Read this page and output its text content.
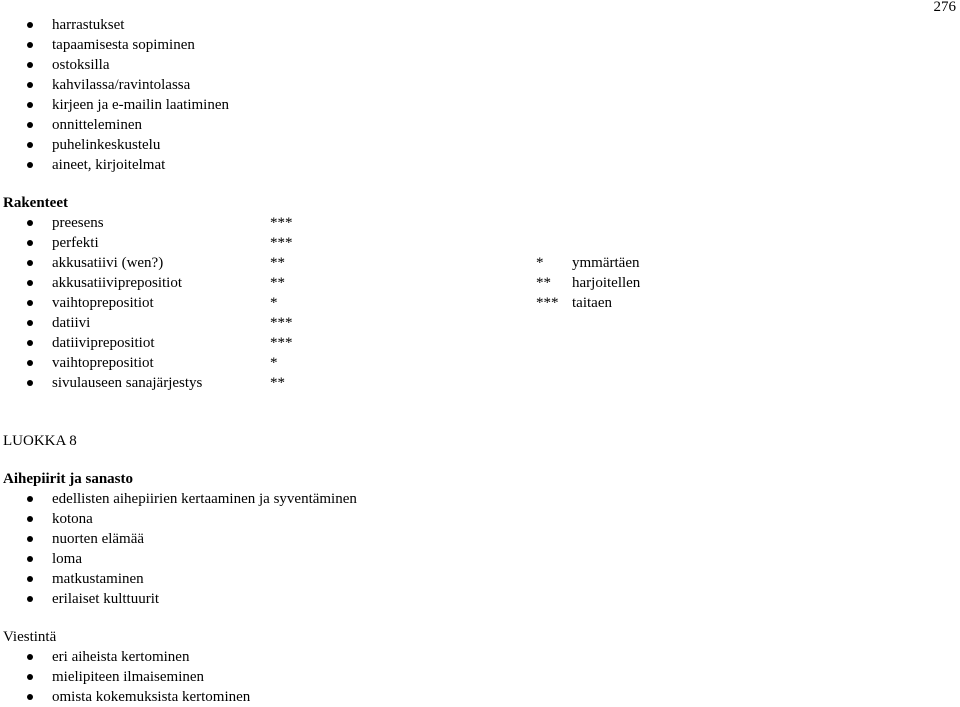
276
harrastukset
tapaamisesta sopiminen
ostoksilla
kahvilassa/ravintolassa
kirjeen ja e-mailin laatiminen
onnitteleminen
puhelinkeskustelu
aineet, kirjoitelmat
Rakenteet
preesens	***
perfekti	***
akkusatiivi (wen?)	**
akkusatiiviprepositiot	**
vaihtoprepositiot	*
datiivi	***
datiiviprepositiot	***
vaihtoprepositiot	*
sivulauseen sanajärjestys	**
* ymmärtäen
** harjoitellen
*** taitaen
LUOKKA 8
Aihepiirit ja sanasto
edellisten aihepiirien kertaaminen ja syventäminen
kotona
nuorten elämää
loma
matkustaminen
erilaiset kulttuurit
Viestintä
eri aiheista kertominen
mielipiteen ilmaiseminen
omista kokemuksista kertominen
